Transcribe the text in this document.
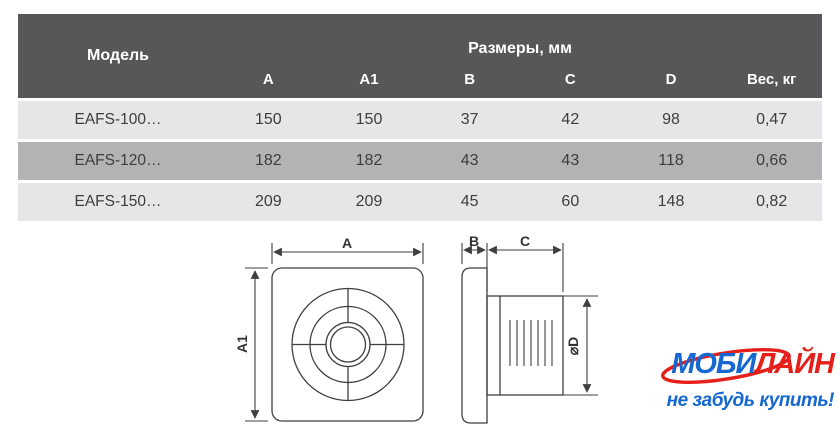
Модель	Размеры, мм
A	A1	B	C	D	Вес, кг
EAFS-100…	150	150	37	42	98	0,47
EAFS-120…	182	182	43	43	118	0,66
EAFS-150…	209	209	45	60	148	0,82
A
A1
B	C
⌀D
МОБИ ЛАЙН
не забудь купить!
